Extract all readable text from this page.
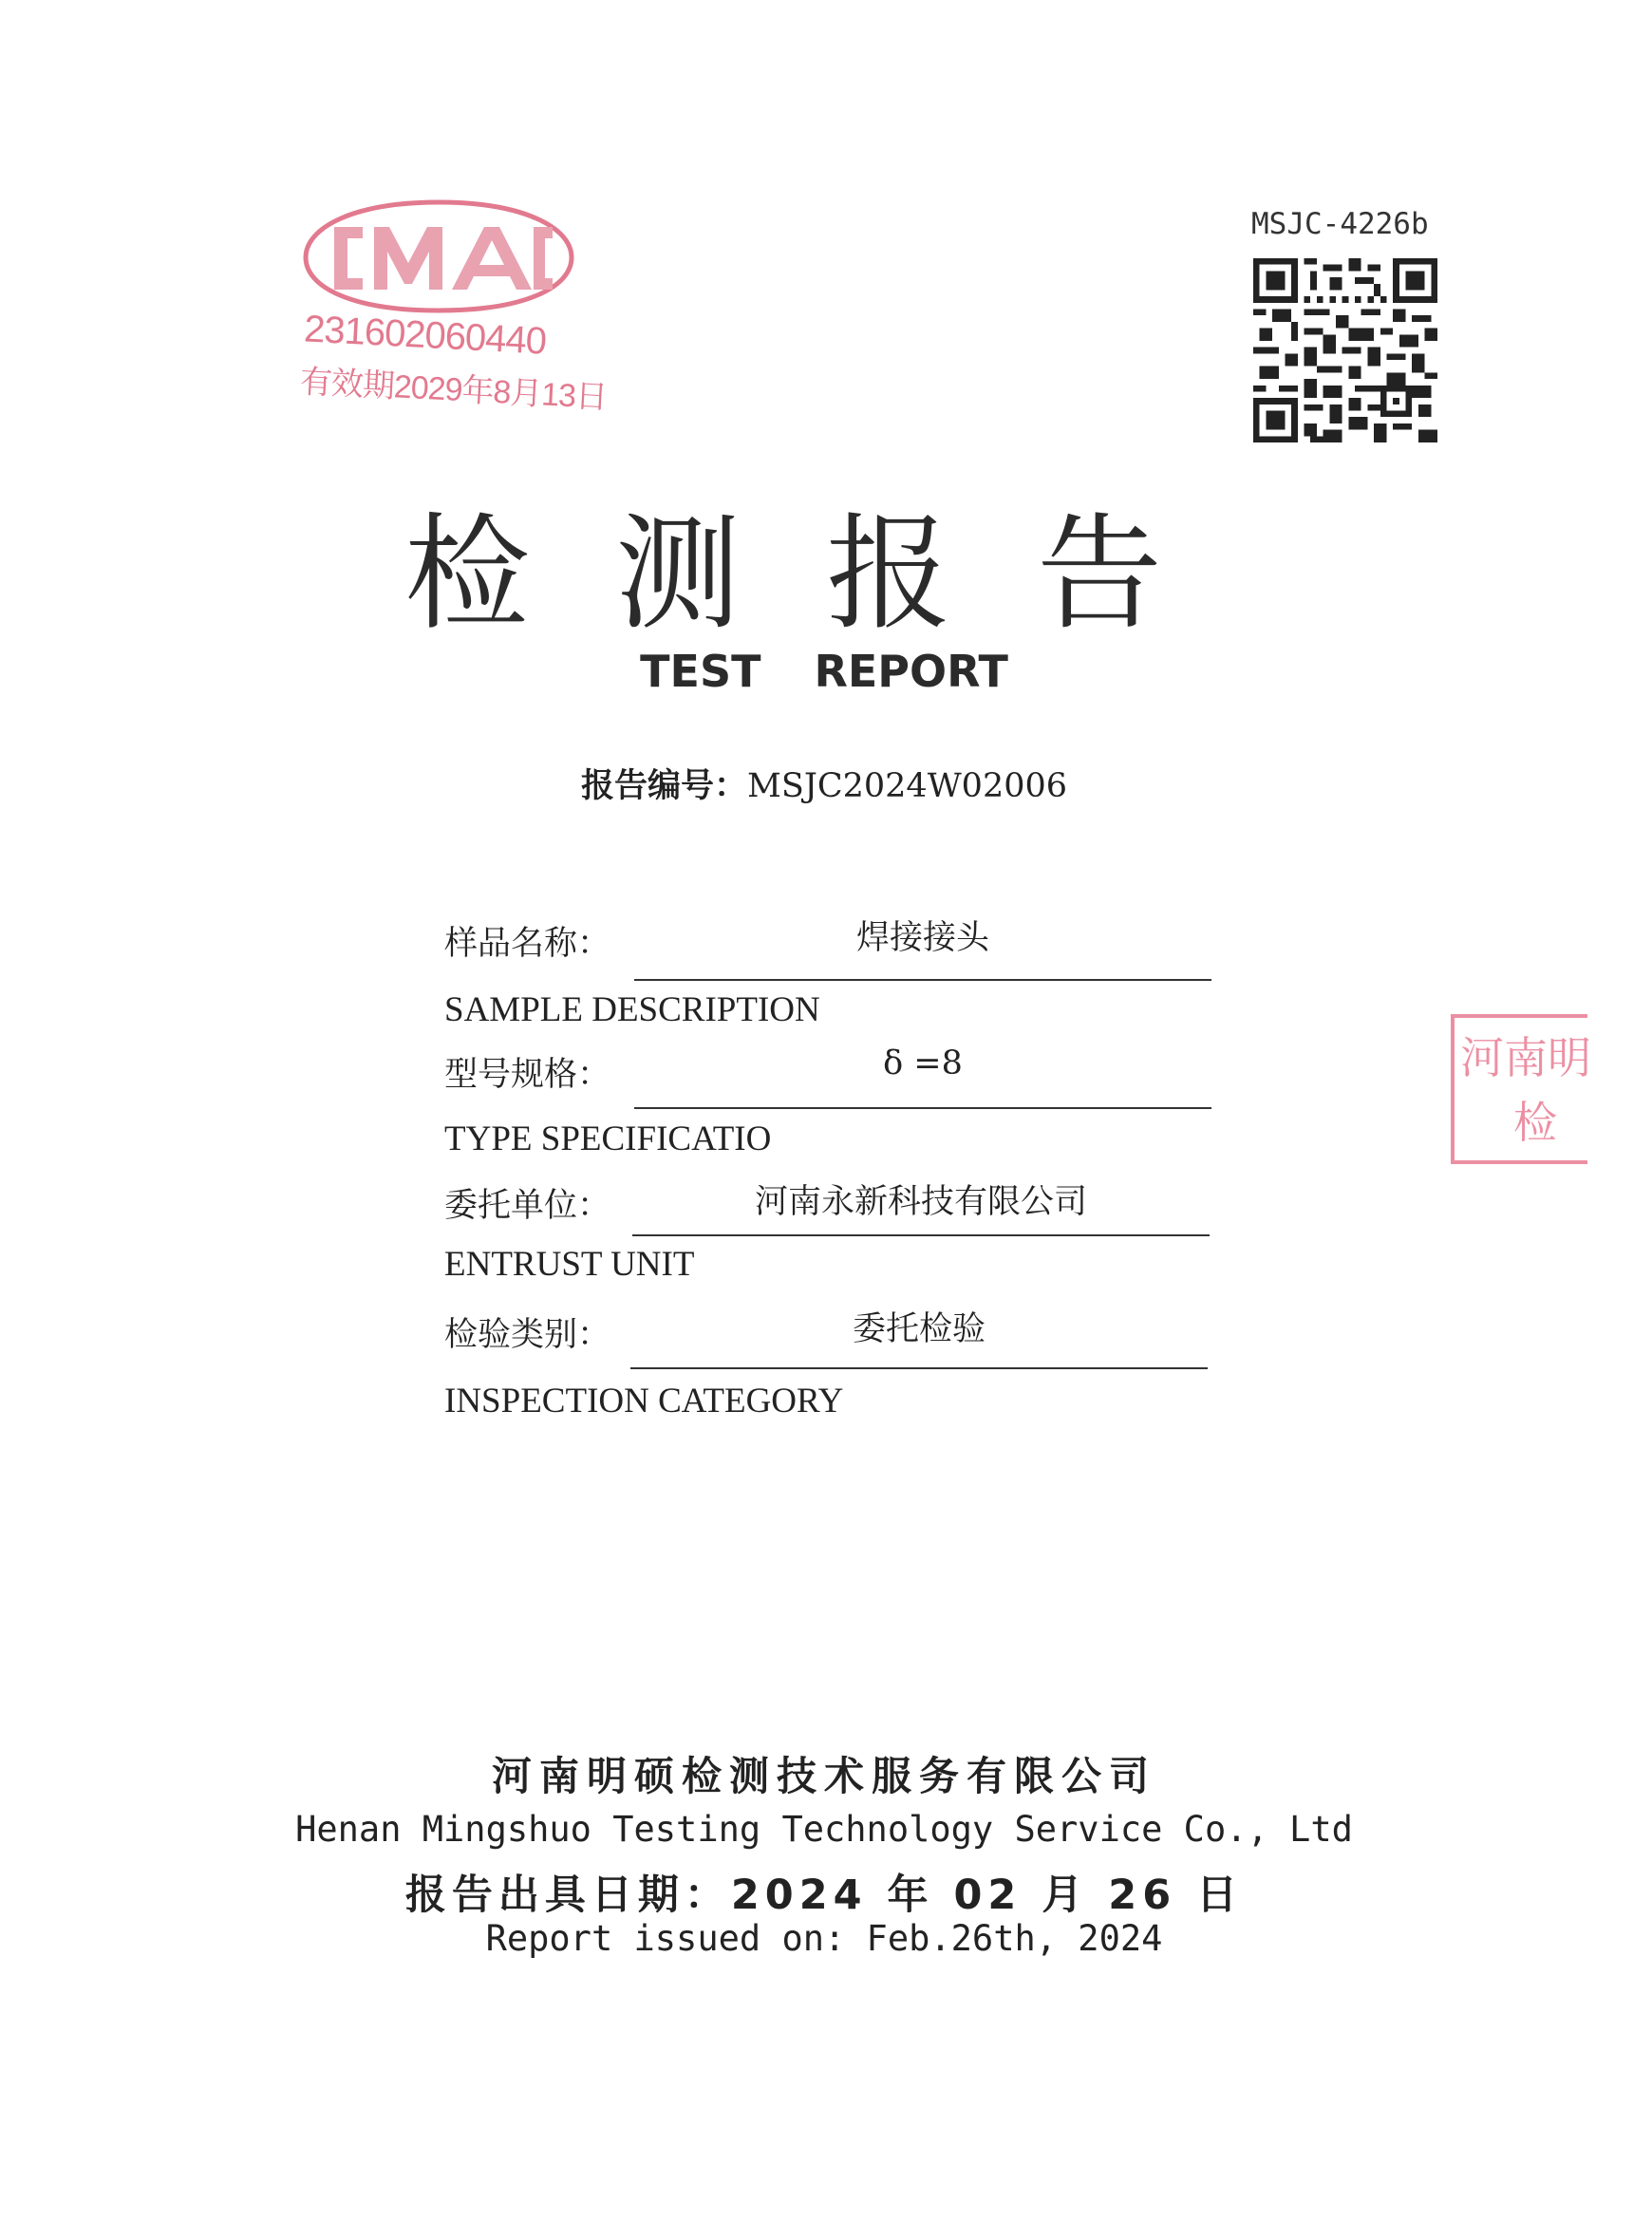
231602060440
有效期2029年8月13日
MSJC-4226b
检测报告
TEST REPORT
报告编号：MSJC2024W02006
样品名称：	焊接接头
SAMPLE DESCRIPTION
型号规格：	δ =8
TYPE SPECIFICATIO
委托单位：	河南永新科技有限公司
ENTRUST UNIT
检验类别：	委托检验
INSPECTION CATEGORY
河南明
检
河南明硕检测技术服务有限公司
Henan Mingshuo Testing Technology Service Co., Ltd
报告出具日期：2024 年 02 月 26 日
Report issued on: Feb.26th, 2024
